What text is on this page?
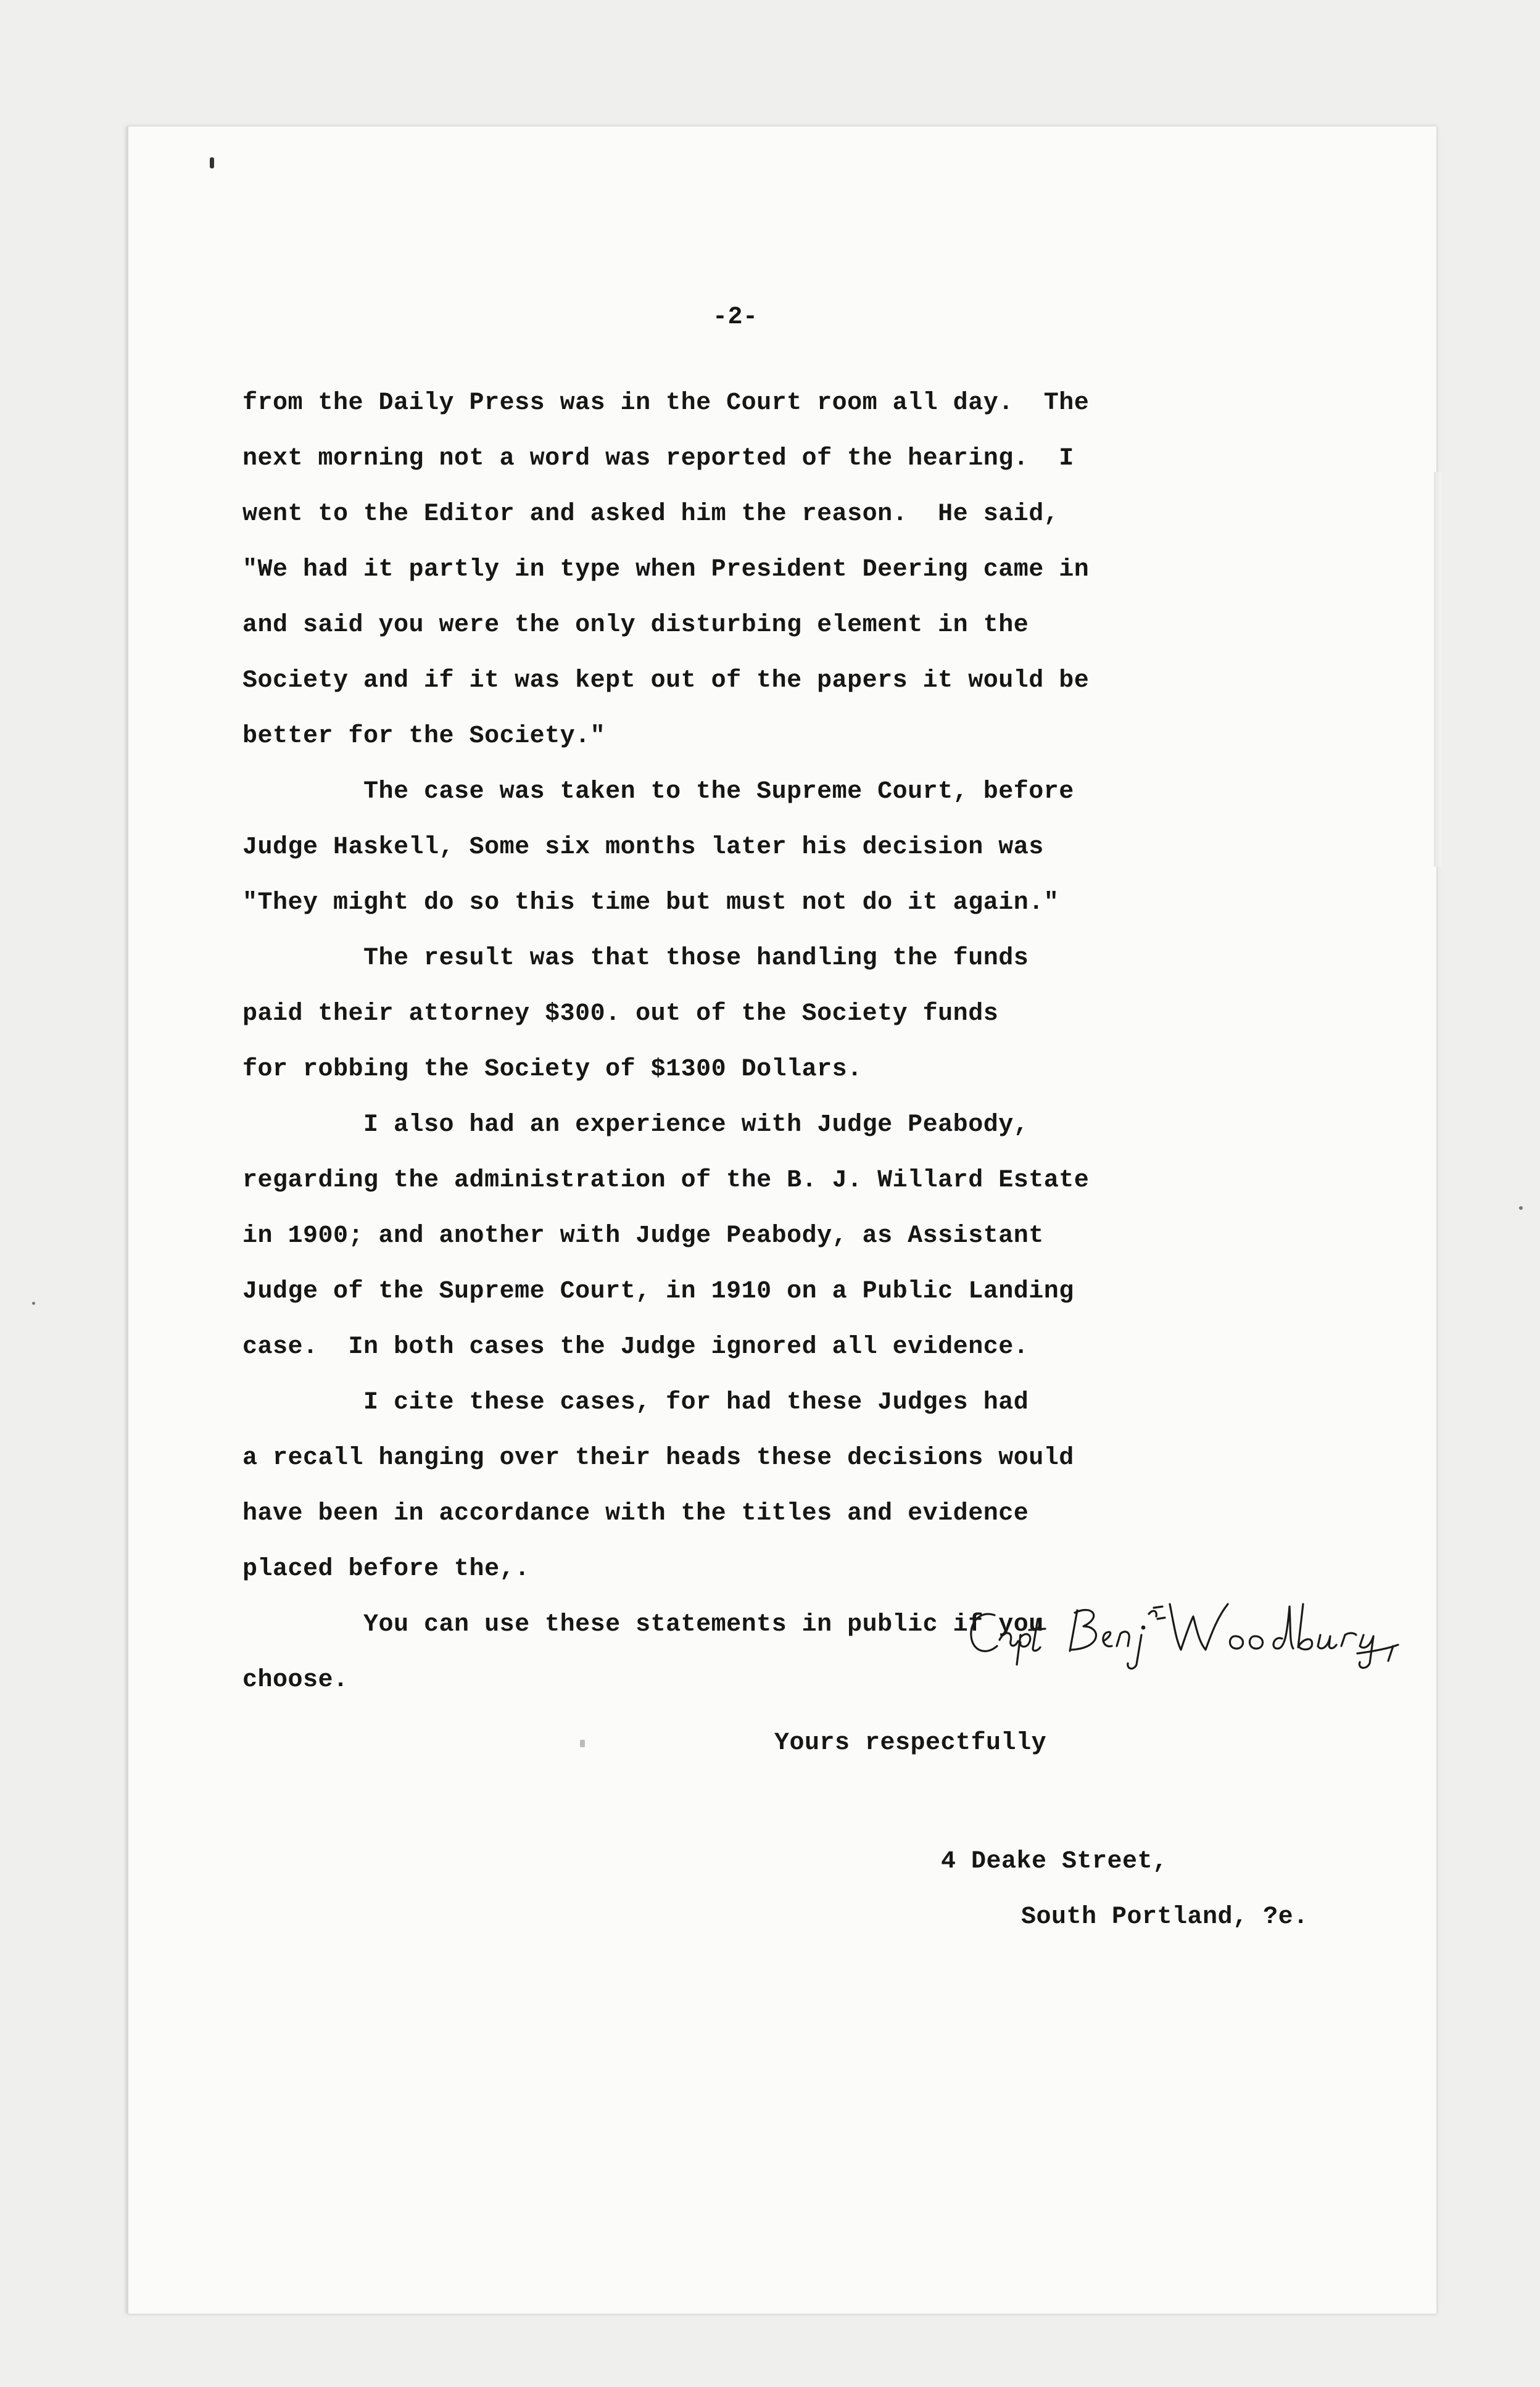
-2-

from the Daily Press was in the Court room all day.  The

next morning not a word was reported of the hearing.  I

went to the Editor and asked him the reason.  He said,

"We had it partly in type when President Deering came in

and said you were the only disturbing element in the

Society and if it was kept out of the papers it would be

better for the Society."

The case was taken to the Supreme Court, before

Judge Haskell, Some six months later his decision was

"They might do so this time but must not do it again."

The result was that those handling the funds

paid their attorney $300. out of the Society funds

for robbing the Society of $1300 Dollars.

I also had an experience with Judge Peabody,

regarding the administration of the B. J. Willard Estate

in 1900; and another with Judge Peabody, as Assistant

Judge of the Supreme Court, in 1910 on a Public Landing

case.  In both cases the Judge ignored all evidence.

I cite these cases, for had these Judges had

a recall hanging over their heads these decisions would

have been in accordance with the titles and evidence

placed before the,.

You can use these statements in public if you

choose.

Yours respectfully
4 Deake Street,
South Portland, ?e.
